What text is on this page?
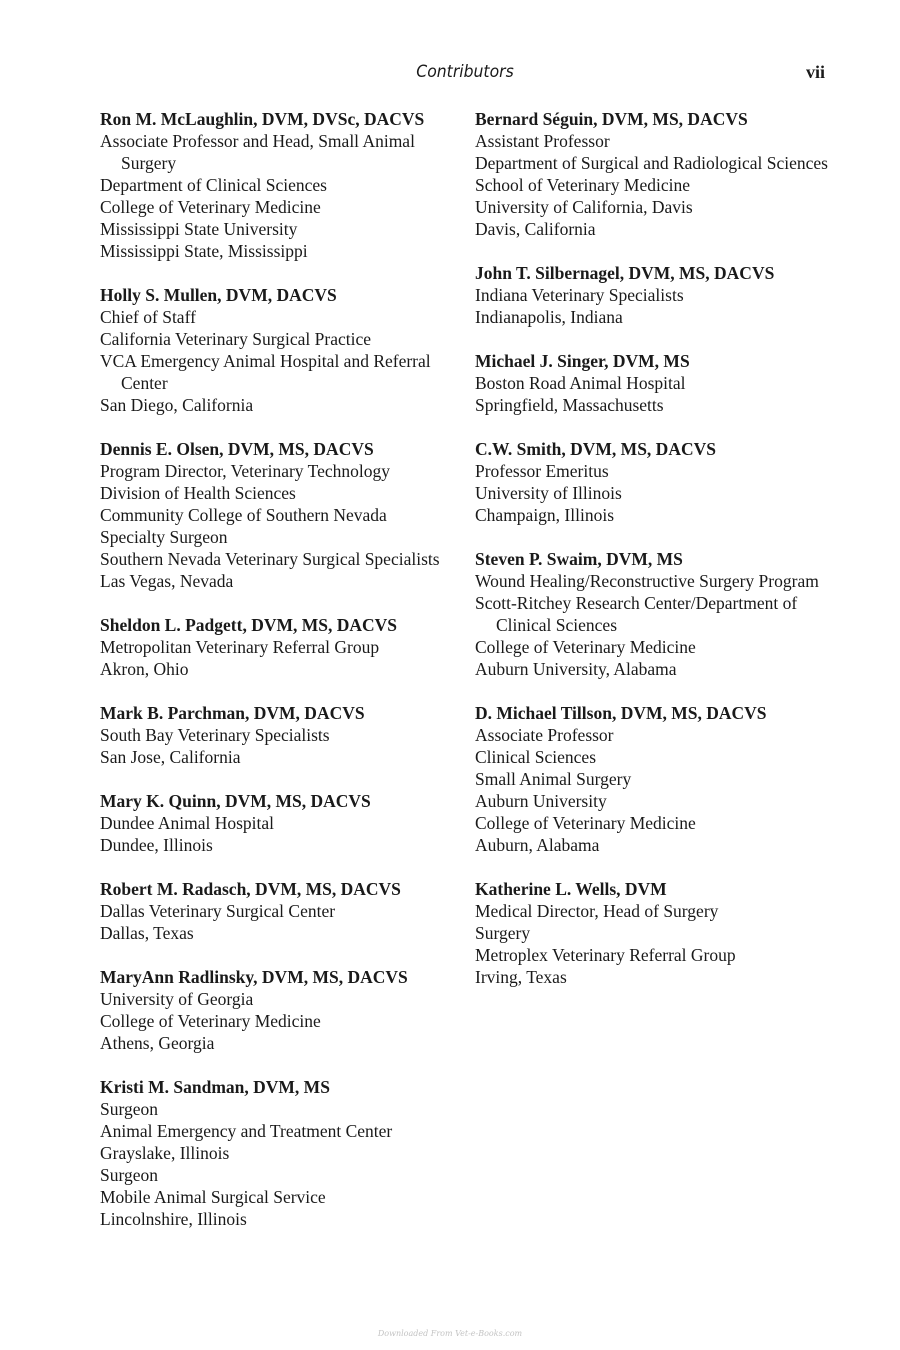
Contributors	vii
Ron M. McLaughlin, DVM, DVSc, DACVS
Associate Professor and Head, Small Animal Surgery
Department of Clinical Sciences
College of Veterinary Medicine
Mississippi State University
Mississippi State, Mississippi
Holly S. Mullen, DVM, DACVS
Chief of Staff
California Veterinary Surgical Practice
VCA Emergency Animal Hospital and Referral Center
San Diego, California
Dennis E. Olsen, DVM, MS, DACVS
Program Director, Veterinary Technology
Division of Health Sciences
Community College of Southern Nevada
Specialty Surgeon
Southern Nevada Veterinary Surgical Specialists
Las Vegas, Nevada
Sheldon L. Padgett, DVM, MS, DACVS
Metropolitan Veterinary Referral Group
Akron, Ohio
Mark B. Parchman, DVM, DACVS
South Bay Veterinary Specialists
San Jose, California
Mary K. Quinn, DVM, MS, DACVS
Dundee Animal Hospital
Dundee, Illinois
Robert M. Radasch, DVM, MS, DACVS
Dallas Veterinary Surgical Center
Dallas, Texas
MaryAnn Radlinsky, DVM, MS, DACVS
University of Georgia
College of Veterinary Medicine
Athens, Georgia
Kristi M. Sandman, DVM, MS
Surgeon
Animal Emergency and Treatment Center
Grayslake, Illinois
Surgeon
Mobile Animal Surgical Service
Lincolnshire, Illinois
Bernard Séguin, DVM, MS, DACVS
Assistant Professor
Department of Surgical and Radiological Sciences
School of Veterinary Medicine
University of California, Davis
Davis, California
John T. Silbernagel, DVM, MS, DACVS
Indiana Veterinary Specialists
Indianapolis, Indiana
Michael J. Singer, DVM, MS
Boston Road Animal Hospital
Springfield, Massachusetts
C.W. Smith, DVM, MS, DACVS
Professor Emeritus
University of Illinois
Champaign, Illinois
Steven P. Swaim, DVM, MS
Wound Healing/Reconstructive Surgery Program
Scott-Ritchey Research Center/Department of Clinical Sciences
College of Veterinary Medicine
Auburn University, Alabama
D. Michael Tillson, DVM, MS, DACVS
Associate Professor
Clinical Sciences
Small Animal Surgery
Auburn University
College of Veterinary Medicine
Auburn, Alabama
Katherine L. Wells, DVM
Medical Director, Head of Surgery
Surgery
Metroplex Veterinary Referral Group
Irving, Texas
Downloaded From Vet-e-Books.com
